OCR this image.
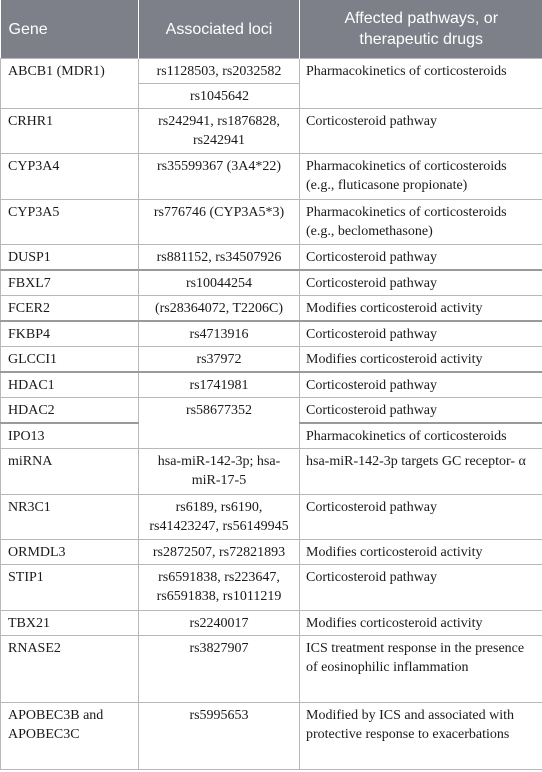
Gene	Associated loci	Affected pathways, or therapeutic drugs
ABCB1 (MDR1)	rs1128503, rs2032582	Pharmacokinetics of corticosteroids
	rs1045642	
CRHR1	rs242941, rs1876828, rs242941	Corticosteroid pathway
CYP3A4	rs35599367 (3A4*22)	Pharmacokinetics of corticosteroids (e.g., fluticasone propionate)
CYP3A5	rs776746 (CYP3A5*3)	Pharmacokinetics of corticosteroids (e.g., beclomethasone)
DUSP1	rs881152, rs34507926	Corticosteroid pathway
FBXL7	rs10044254	Corticosteroid pathway
FCER2	(rs28364072, T2206C)	Modifies corticosteroid activity
FKBP4	rs4713916	Corticosteroid pathway
GLCCI1	rs37972	Modifies corticosteroid activity
HDAC1	rs1741981	Corticosteroid pathway
HDAC2	rs58677352	Corticosteroid pathway
IPO13		Pharmacokinetics of corticosteroids
miRNA	hsa-miR-142-3p; hsa-miR-17-5	hsa-miR-142-3p targets GC receptor- α
NR3C1	rs6189, rs6190, rs41423247, rs56149945	Corticosteroid pathway
ORMDL3	rs2872507, rs72821893	Modifies corticosteroid activity
STIP1	rs6591838, rs223647, rs6591838, rs1011219	Corticosteroid pathway
TBX21	rs2240017	Modifies corticosteroid activity
RNASE2	rs3827907	ICS treatment response in the presence of eosinophilic inflammation
APOBEC3B and APOBEC3C	rs5995653	Modified by ICS and associated with protective response to exacerbations
